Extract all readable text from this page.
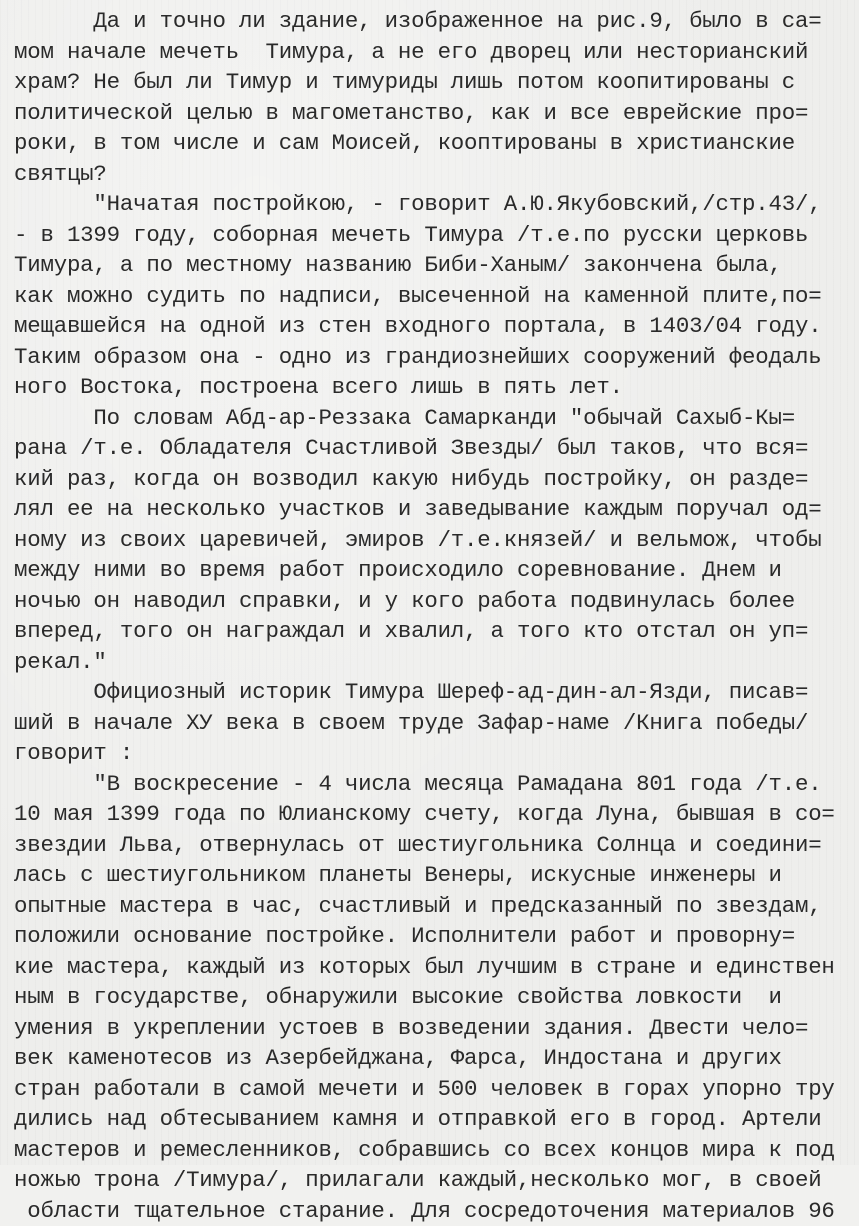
Да и точно ли здание, изображенное на рис.9, было в са=
мом начале мечеть  Тимура, а не его дворец или несторианский
храм? Не был ли Тимур и тимуриды лишь потом коопитированы с
политической целью в магометанство, как и все еврейские про=
роки, в том числе и сам Моисей, кооптированы в христианские
святцы?
"Начатая постройкою, - говорит А.Ю.Якубовский,/стр.43/,
- в 1399 году, соборная мечеть Тимура /т.е.по русски церковь
Тимура, а по местному названию Биби-Ханым/ закончена была,
как можно судить по надписи, высеченной на каменной плите,по=
мещавшейся на одной из стен входного портала, в 1403/04 году.
Таким образом она - одно из грандиознейших сооружений феодаль
ного Востока, построена всего лишь в пять лет.
По словам Абд-ар-Реззака Самарканди "обычай Сахыб-Кы=
рана /т.е. Обладателя Счастливой Звезды/ был таков, что вся=
кий раз, когда он возводил какую нибудь постройку, он разде=
лял ее на несколько участков и заведывание каждым поручал од=
ному из своих царевичей, эмиров /т.е.князей/ и вельмож, чтобы
между ними во время работ происходило соревнование. Днем и
ночью он наводил справки, и у кого работа подвинулась более
вперед, того он награждал и хвалил, а того кто отстал он уп=
рекал."
Официозный историк Тимура Шереф-ад-дин-ал-Язди, писав=
ший в начале ХУ века в своем труде Зафар-наме /Книга победы/
говорит :
"В воскресение - 4 числа месяца Рамадана 801 года /т.е.
10 мая 1399 года по Юлианскому счету, когда Луна, бывшая в со=
звездии Льва, отвернулась от шестиугольника Солнца и соедини=
лась с шестиугольником планеты Венеры, искусные инженеры и
опытные мастера в час, счастливый и предсказанный по звездам,
положили основание постройке. Исполнители работ и проворну=
кие мастера, каждый из которых был лучшим в стране и единствен
ным в государстве, обнаружили высокие свойства ловкости  и
умения в укреплении устоев в возведении здания. Двести чело=
век каменотесов из Азербейджана, Фарса, Индостана и других
стран работали в самой мечети и 500 человек в горах упорно тру
дились над обтесыванием камня и отправкой его в город. Артели
мастеров и ремесленников, собравшись со всех концов мира к под
ножью трона /Тимура/, прилагали каждый,несколько мог, в своей
области тщательное старание. Для сосредоточения материалов 96
